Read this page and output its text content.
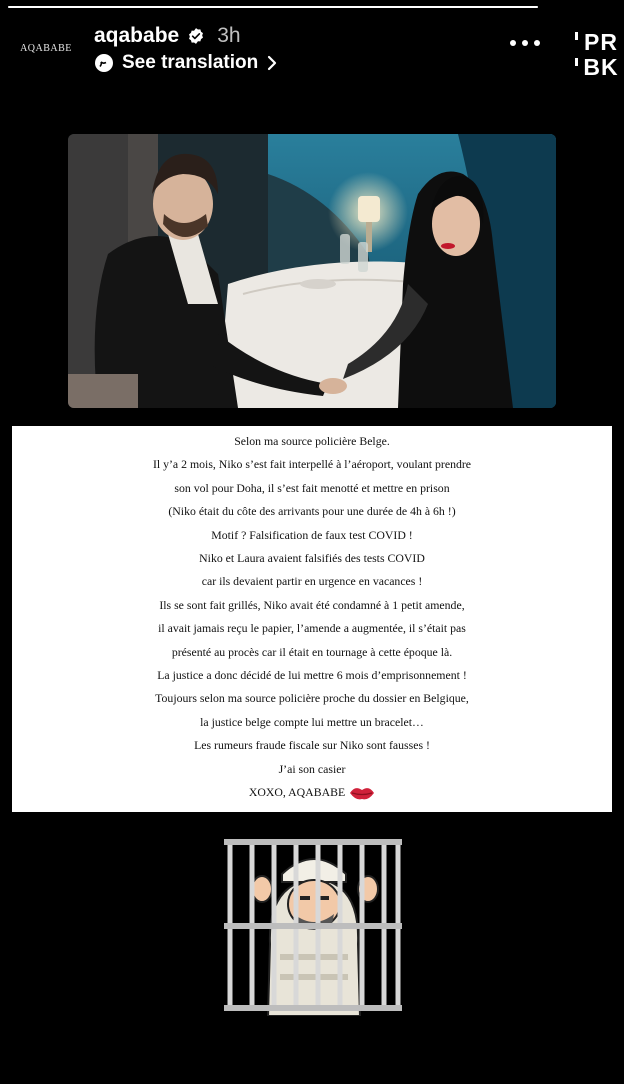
AQABABE
aqababe 3h
See translation
PR
BK
Selon ma source policière Belge.
Il y’a 2 mois, Niko s’est fait interpellé à l’aéroport, voulant prendre
son vol pour Doha, il s’est fait menotté et mettre en prison
(Niko était du côte des arrivants pour une durée de 4h à 6h !)
Motif ? Falsification de faux test COVID !
Niko et Laura avaient falsifiés des tests COVID
car ils devaient partir en urgence en vacances !
Ils se sont fait grillés, Niko avait été condamné à 1 petit amende,
il avait jamais reçu le papier, l’amende a augmentée, il s’était pas
présenté au procès car il était en tournage à cette époque là.
La justice a donc décidé de lui mettre 6 mois d’emprisonnement !
Toujours selon ma source policière proche du dossier en Belgique,
la justice belge compte lui mettre un bracelet…
Les rumeurs fraude fiscale sur Niko sont fausses !
J’ai son casier
XOXO, AQABABE
